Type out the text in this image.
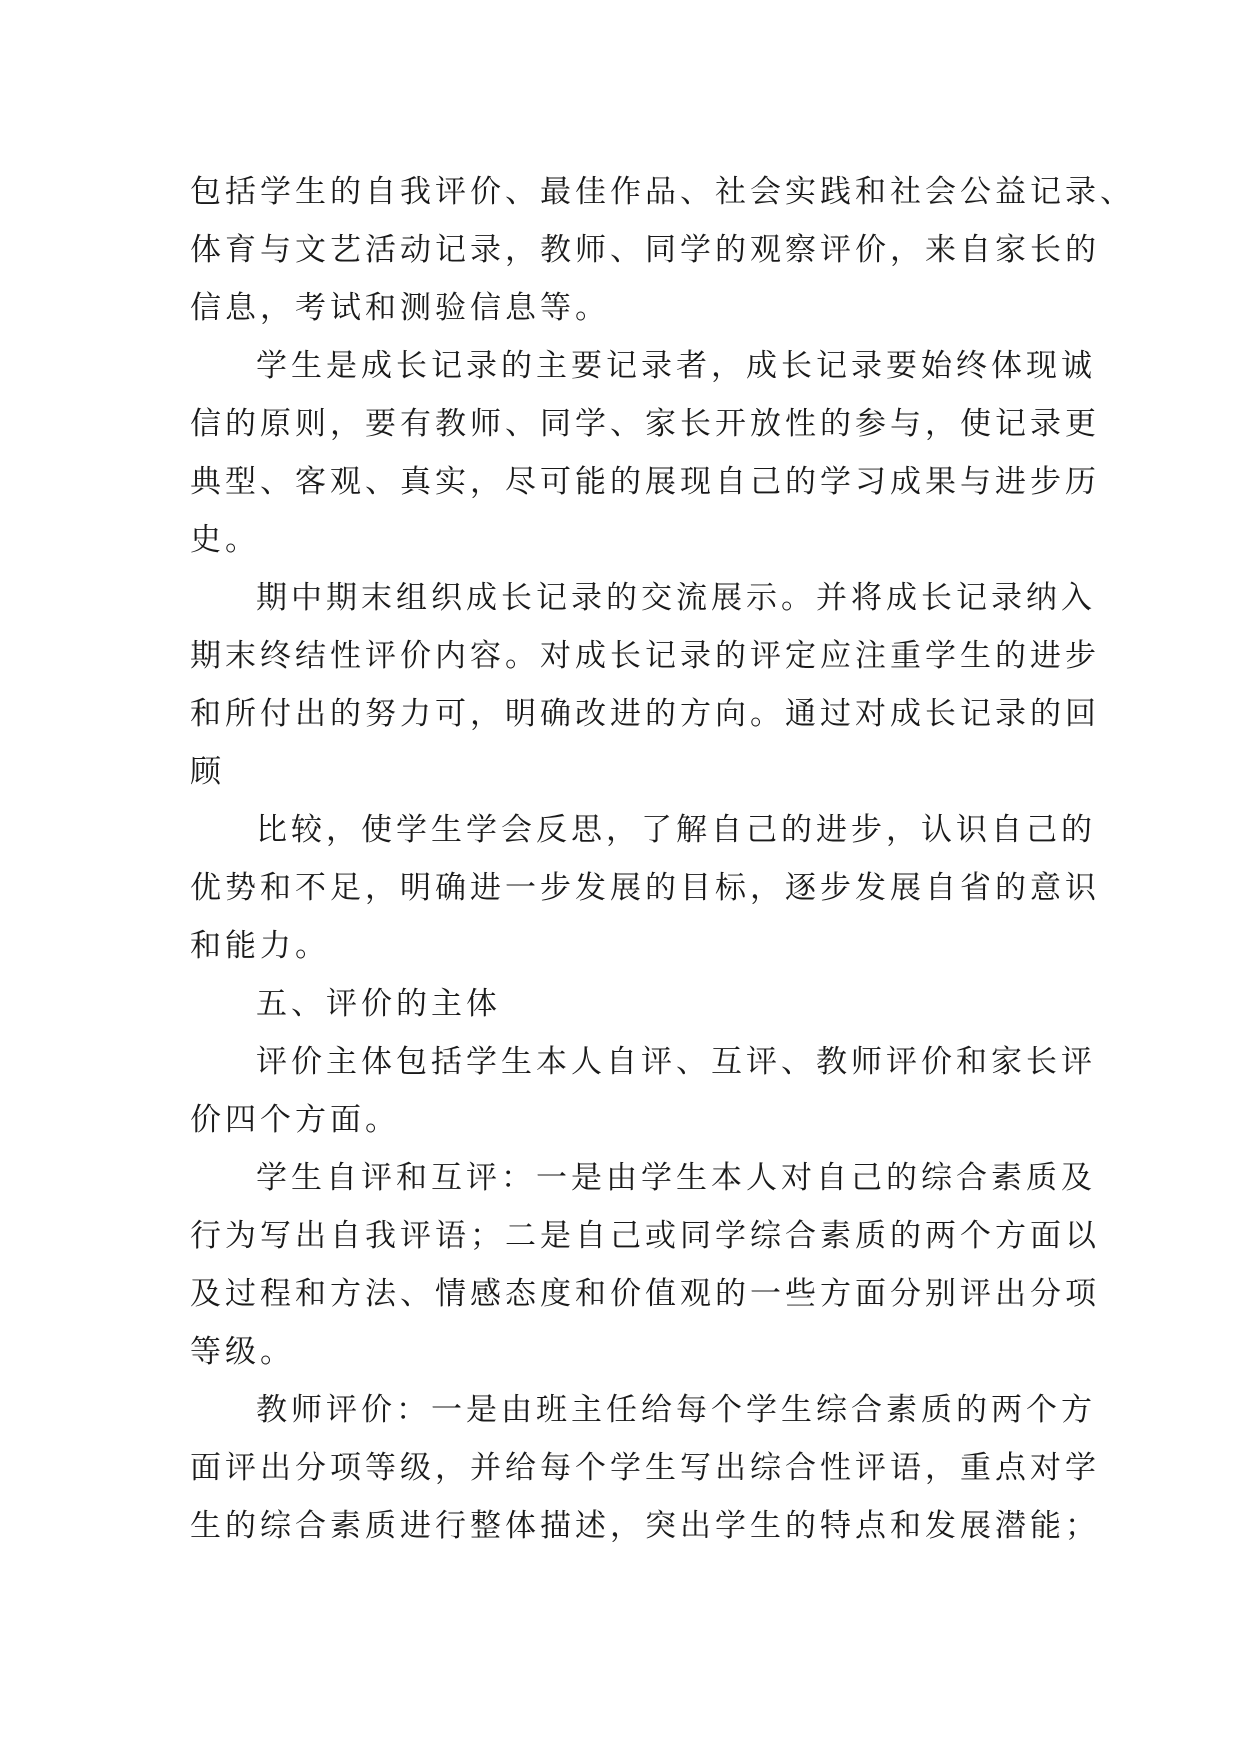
包括学生的自我评价、最佳作品、社会实践和社会公益记录、
体育与文艺活动记录，教师、同学的观察评价，来自家长的
信息，考试和测验信息等。
学生是成长记录的主要记录者，成长记录要始终体现诚
信的原则，要有教师、同学、家长开放性的参与，使记录更
典型、客观、真实，尽可能的展现自己的学习成果与进步历
史。
期中期末组织成长记录的交流展示。并将成长记录纳入
期末终结性评价内容。对成长记录的评定应注重学生的进步
和所付出的努力可，明确改进的方向。通过对成长记录的回
顾
比较，使学生学会反思，了解自己的进步，认识自己的
优势和不足，明确进一步发展的目标，逐步发展自省的意识
和能力。
五、评价的主体
评价主体包括学生本人自评、互评、教师评价和家长评
价四个方面。
学生自评和互评：一是由学生本人对自己的综合素质及
行为写出自我评语；二是自己或同学综合素质的两个方面以
及过程和方法、情感态度和价值观的一些方面分别评出分项
等级。
教师评价：一是由班主任给每个学生综合素质的两个方
面评出分项等级，并给每个学生写出综合性评语，重点对学
生的综合素质进行整体描述，突出学生的特点和发展潜能；
